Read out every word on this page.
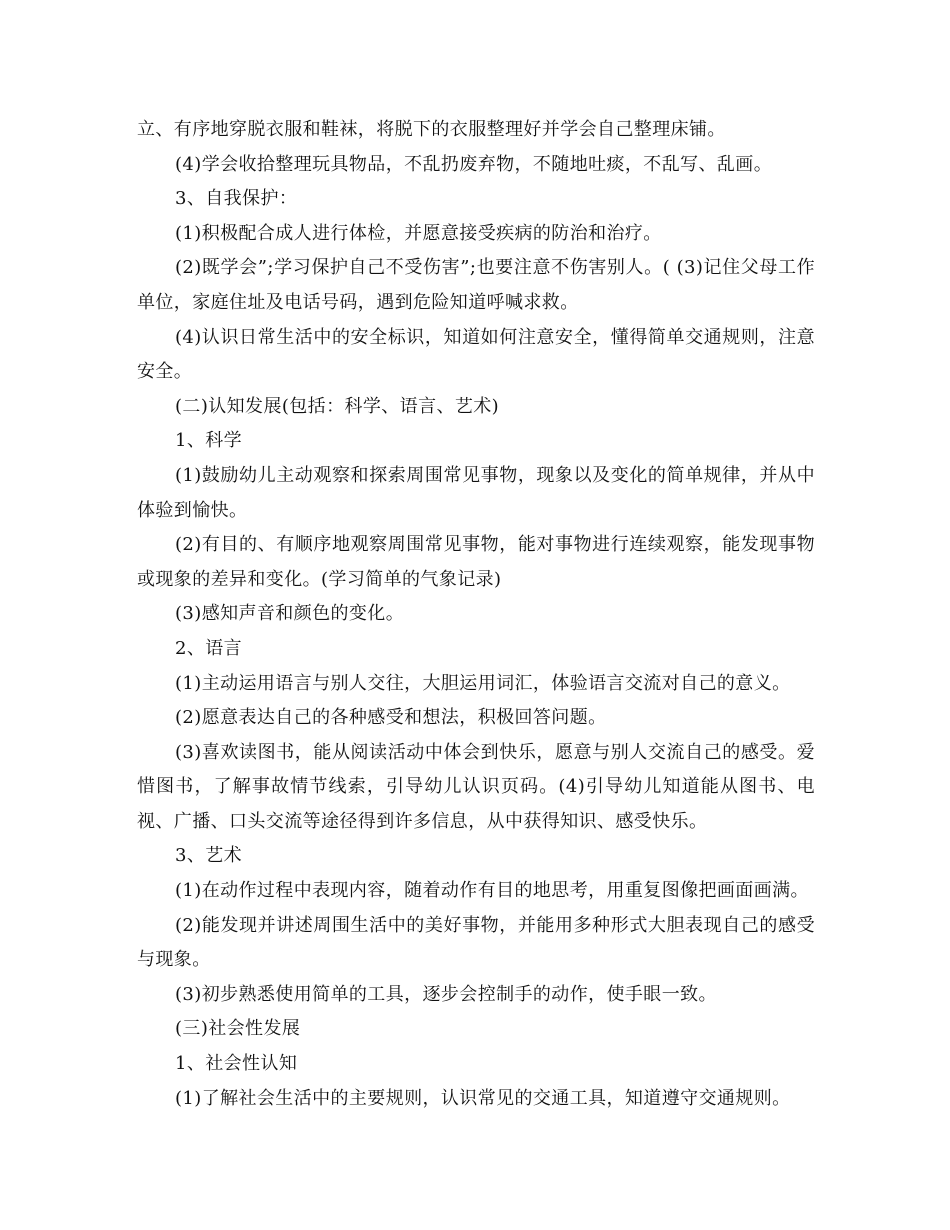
立、有序地穿脱衣服和鞋袜，将脱下的衣服整理好并学会自己整理床铺。

(4)学会收拾整理玩具物品，不乱扔废弃物，不随地吐痰，不乱写、乱画。

3、自我保护：

(1)积极配合成人进行体检，并愿意接受疾病的防治和治疗。

(2)既学会”;学习保护自己不受伤害”;也要注意不伤害别人。( (3)记住父母工作单位，家庭住址及电话号码，遇到危险知道呼喊求救。

(4)认识日常生活中的安全标识，知道如何注意安全，懂得简单交通规则，注意安全。

(二)认知发展(包括：科学、语言、艺术)

1、科学

(1)鼓励幼儿主动观察和探索周围常见事物，现象以及变化的简单规律，并从中体验到愉快。

(2)有目的、有顺序地观察周围常见事物，能对事物进行连续观察，能发现事物或现象的差异和变化。(学习简单的气象记录)

(3)感知声音和颜色的变化。

2、语言

(1)主动运用语言与别人交往，大胆运用词汇，体验语言交流对自己的意义。

(2)愿意表达自己的各种感受和想法，积极回答问题。

(3)喜欢读图书，能从阅读活动中体会到快乐，愿意与别人交流自己的感受。爱惜图书，了解事故情节线索，引导幼儿认识页码。(4)引导幼儿知道能从图书、电视、广播、口头交流等途径得到许多信息，从中获得知识、感受快乐。

3、艺术

(1)在动作过程中表现内容，随着动作有目的地思考，用重复图像把画面画满。

(2)能发现并讲述周围生活中的美好事物，并能用多种形式大胆表现自己的感受与现象。

(3)初步熟悉使用简单的工具，逐步会控制手的动作，使手眼一致。

(三)社会性发展

1、社会性认知

(1)了解社会生活中的主要规则，认识常见的交通工具，知道遵守交通规则。
